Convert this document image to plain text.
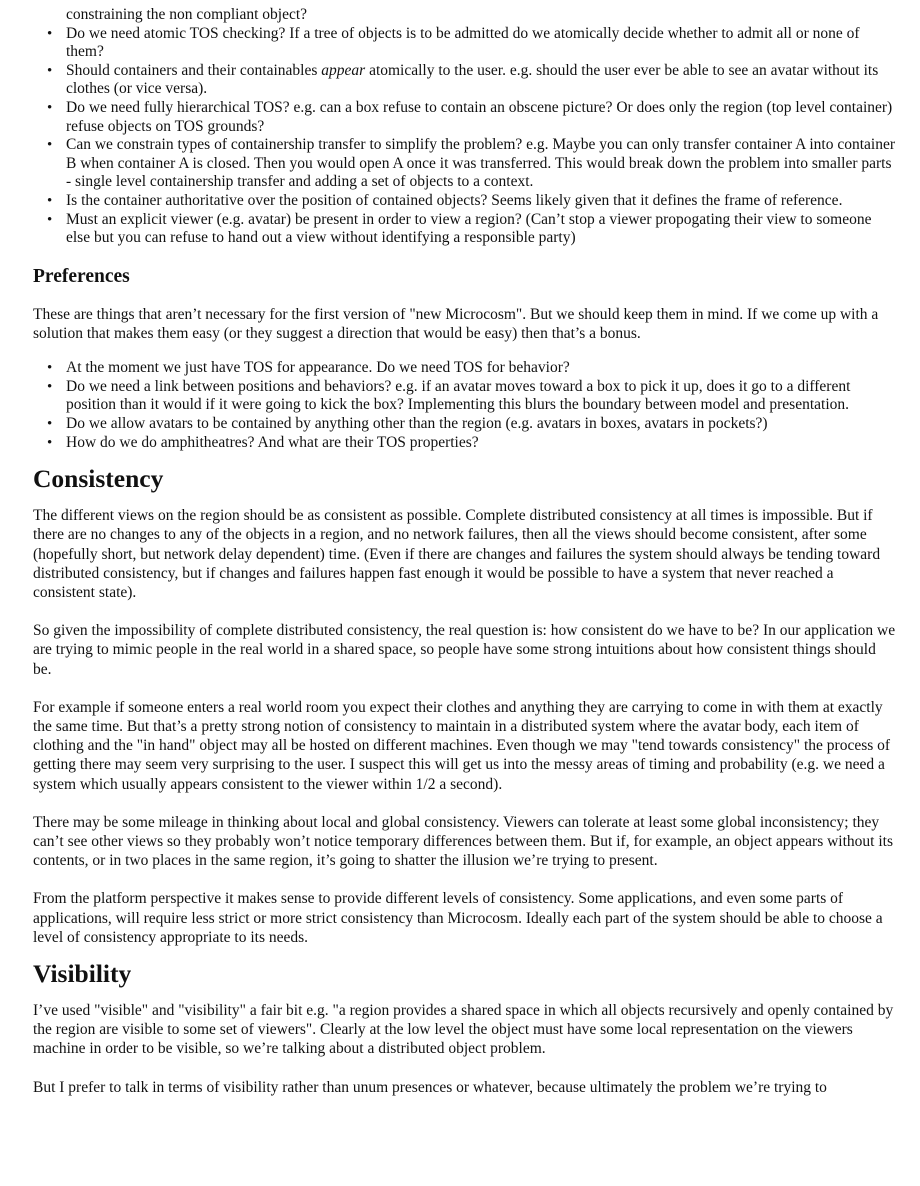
constraining the non compliant object?
• Do we need atomic TOS checking? If a tree of objects is to be admitted do we atomically decide whether to admit all or none of them?
• Should containers and their containables appear atomically to the user. e.g. should the user ever be able to see an avatar without its clothes (or vice versa).
• Do we need fully hierarchical TOS? e.g. can a box refuse to contain an obscene picture? Or does only the region (top level container) refuse objects on TOS grounds?
• Can we constrain types of containership transfer to simplify the problem? e.g. Maybe you can only transfer container A into container B when container A is closed. Then you would open A once it was transferred. This would break down the problem into smaller parts - single level containership transfer and adding a set of objects to a context.
• Is the container authoritative over the position of contained objects? Seems likely given that it defines the frame of reference.
• Must an explicit viewer (e.g. avatar) be present in order to view a region? (Can’t stop a viewer propogating their view to someone else but you can refuse to hand out a view without identifying a responsible party)
Preferences

These are things that aren’t necessary for the first version of "new Microcosm". But we should keep them in mind. If we come up with a solution that makes them easy (or they suggest a direction that would be easy) then that’s a bonus.

• At the moment we just have TOS for appearance. Do we need TOS for behavior?
• Do we need a link between positions and behaviors? e.g. if an avatar moves toward a box to pick it up, does it go to a different position than it would if it were going to kick the box? Implementing this blurs the boundary between model and presentation.
• Do we allow avatars to be contained by anything other than the region (e.g. avatars in boxes, avatars in pockets?)
• How do we do amphitheatres? And what are their TOS properties?
Consistency

The different views on the region should be as consistent as possible. Complete distributed consistency at all times is impossible. But if there are no changes to any of the objects in a region, and no network failures, then all the views should become consistent, after some (hopefully short, but network delay dependent) time. (Even if there are changes and failures the system should always be tending toward distributed consistency, but if changes and failures happen fast enough it would be possible to have a system that never reached a consistent state).

So given the impossibility of complete distributed consistency, the real question is: how consistent do we have to be? In our application we are trying to mimic people in the real world in a shared space, so people have some strong intuitions about how consistent things should be.

For example if someone enters a real world room you expect their clothes and anything they are carrying to come in with them at exactly the same time. But that’s a pretty strong notion of consistency to maintain in a distributed system where the avatar body, each item of clothing and the "in hand" object may all be hosted on different machines. Even though we may "tend towards consistency" the process of getting there may seem very surprising to the user. I suspect this will get us into the messy areas of timing and probability (e.g. we need a system which usually appears consistent to the viewer within 1/2 a second).

There may be some mileage in thinking about local and global consistency. Viewers can tolerate at least some global inconsistency; they can’t see other views so they probably won’t notice temporary differences between them. But if, for example, an object appears without its contents, or in two places in the same region, it’s going to shatter the illusion we’re trying to present.

From the platform perspective it makes sense to provide different levels of consistency. Some applications, and even some parts of applications, will require less strict or more strict consistency than Microcosm. Ideally each part of the system should be able to choose a level of consistency appropriate to its needs.

Visibility

I’ve used "visible" and "visibility" a fair bit e.g. "a region provides a shared space in which all objects recursively and openly contained by the region are visible to some set of viewers". Clearly at the low level the object must have some local representation on the viewers machine in order to be visible, so we’re talking about a distributed object problem.

But I prefer to talk in terms of visibility rather than unum presences or whatever, because ultimately the problem we’re trying to
